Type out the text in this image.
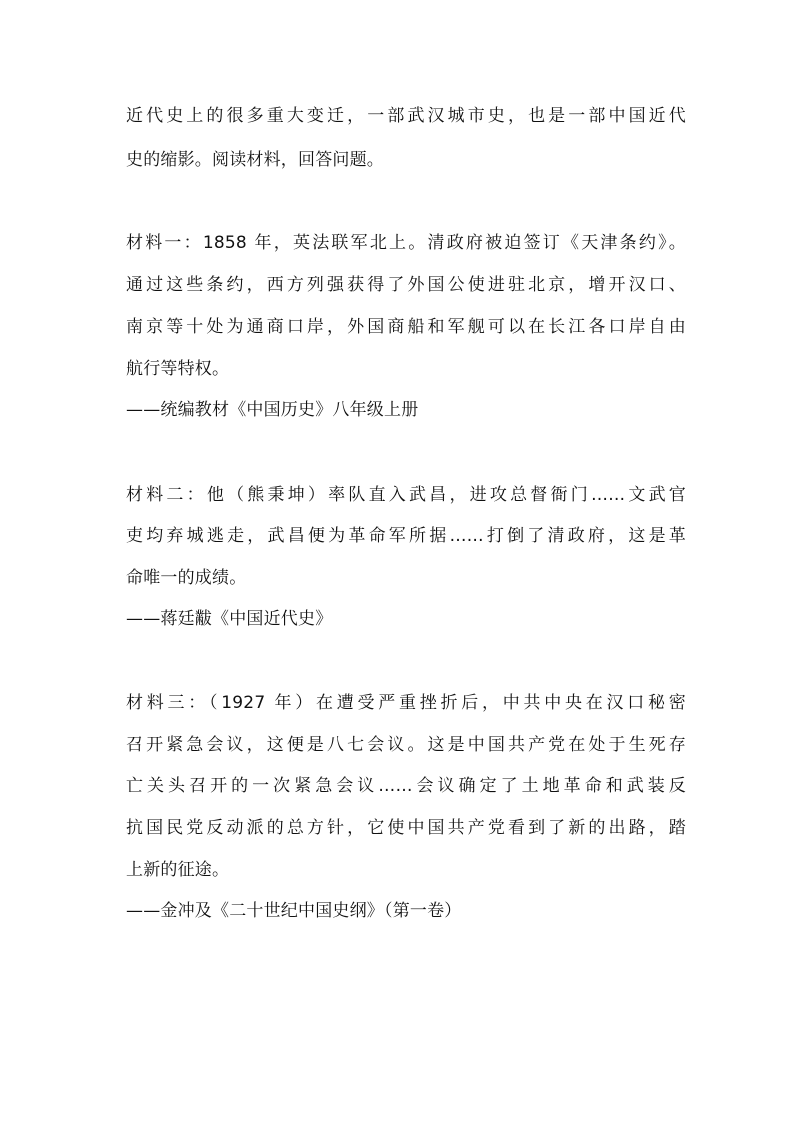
近代史上的很多重大变迁，一部武汉城市史，也是一部中国近代
史的缩影。阅读材料，回答问题。
材料一：1858 年，英法联军北上。清政府被迫签订《天津条约》。
通过这些条约，西方列强获得了外国公使进驻北京，增开汉口、
南京等十处为通商口岸，外国商船和军舰可以在长江各口岸自由
航行等特权。
——统编教材《中国历史》八年级上册
材料二：他（熊秉坤）率队直入武昌，进攻总督衙门……文武官
吏均弃城逃走，武昌便为革命军所据……打倒了清政府，这是革
命唯一的成绩。
——蒋廷黻《中国近代史》
材料三：（1927 年）在遭受严重挫折后，中共中央在汉口秘密
召开紧急会议，这便是八七会议。这是中国共产党在处于生死存
亡关头召开的一次紧急会议……会议确定了土地革命和武装反
抗国民党反动派的总方针，它使中国共产党看到了新的出路，踏
上新的征途。
——金冲及《二十世纪中国史纲》（第一卷）
